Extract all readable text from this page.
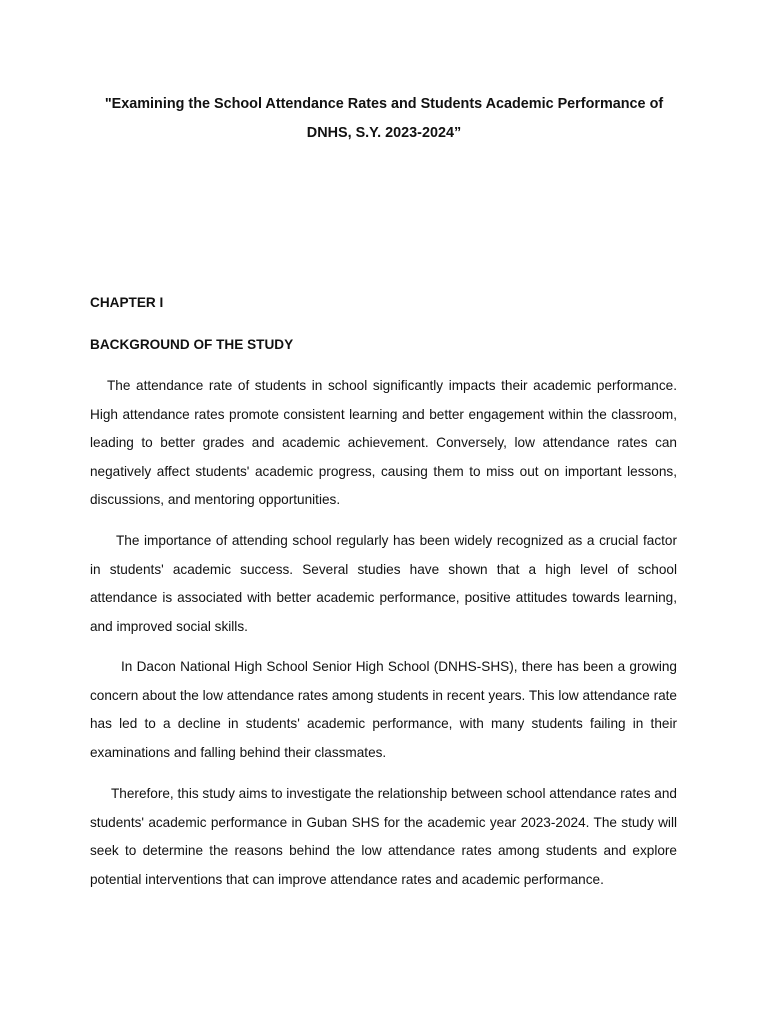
"Examining the School Attendance Rates and Students Academic Performance of
DNHS, S.Y. 2023-2024”
CHAPTER I
BACKGROUND OF THE STUDY

The attendance rate of students in school significantly impacts their academic performance. High attendance rates promote consistent learning and better engagement within the classroom, leading to better grades and academic achievement. Conversely, low attendance rates can negatively affect students' academic progress, causing them to miss out on important lessons, discussions, and mentoring opportunities.

The importance of attending school regularly has been widely recognized as a crucial factor in students' academic success. Several studies have shown that a high level of school attendance is associated with better academic performance, positive attitudes towards learning, and improved social skills.

In Dacon National High School Senior High School (DNHS-SHS), there has been a growing concern about the low attendance rates among students in recent years. This low attendance rate has led to a decline in students' academic performance, with many students failing in their examinations and falling behind their classmates.

Therefore, this study aims to investigate the relationship between school attendance rates and students' academic performance in Guban SHS for the academic year 2023-2024. The study will seek to determine the reasons behind the low attendance rates among students and explore potential interventions that can improve attendance rates and academic performance.
